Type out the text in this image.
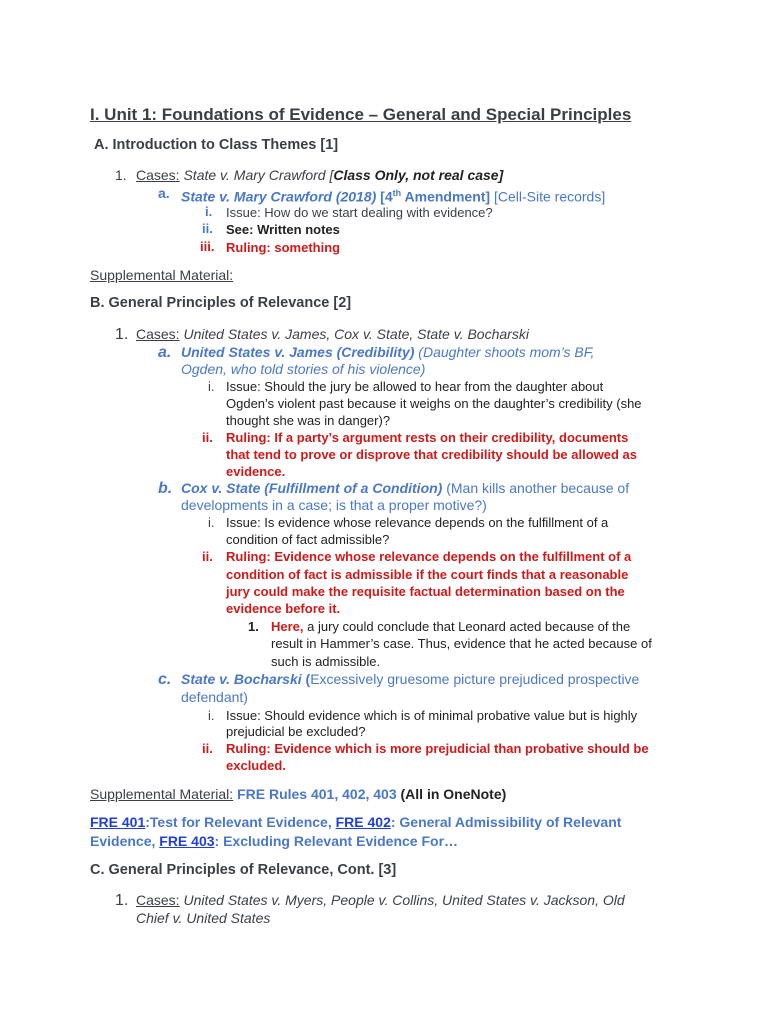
I. Unit 1: Foundations of Evidence – General and Special Principles
A. Introduction to Class Themes [1]
1. Cases: State v. Mary Crawford [Class Only, not real case]
a. State v. Mary Crawford (2018) [4th Amendment] [Cell-Site records]
i. Issue: How do we start dealing with evidence?
ii. See: Written notes
iii. Ruling: something
Supplemental Material:
B. General Principles of Relevance [2]
1. Cases: United States v. James, Cox v. State, State v. Bocharski
a. United States v. James (Credibility) (Daughter shoots mom’s BF,
Ogden, who told stories of his violence)
i. Issue: Should the jury be allowed to hear from the daughter about
Ogden’s violent past because it weighs on the daughter’s credibility (she
thought she was in danger)?
ii. Ruling: If a party’s argument rests on their credibility, documents
that tend to prove or disprove that credibility should be allowed as
evidence.
b. Cox v. State (Fulfillment of a Condition) (Man kills another because of
developments in a case; is that a proper motive?)
i. Issue: Is evidence whose relevance depends on the fulfillment of a
condition of fact admissible?
ii. Ruling: Evidence whose relevance depends on the fulfillment of a
condition of fact is admissible if the court finds that a reasonable
jury could make the requisite factual determination based on the
evidence before it.
1. Here, a jury could conclude that Leonard acted because of the
result in Hammer’s case. Thus, evidence that he acted because of
such is admissible.
c. State v. Bocharski (Excessively gruesome picture prejudiced prospective
defendant)
i. Issue: Should evidence which is of minimal probative value but is highly
prejudicial be excluded?
ii. Ruling: Evidence which is more prejudicial than probative should be
excluded.
Supplemental Material: FRE Rules 401, 402, 403 (All in OneNote)
FRE 401:Test for Relevant Evidence, FRE 402: General Admissibility of Relevant
Evidence, FRE 403: Excluding Relevant Evidence For…
C. General Principles of Relevance, Cont. [3]
1. Cases: United States v. Myers, People v. Collins, United States v. Jackson, Old
Chief v. United States
